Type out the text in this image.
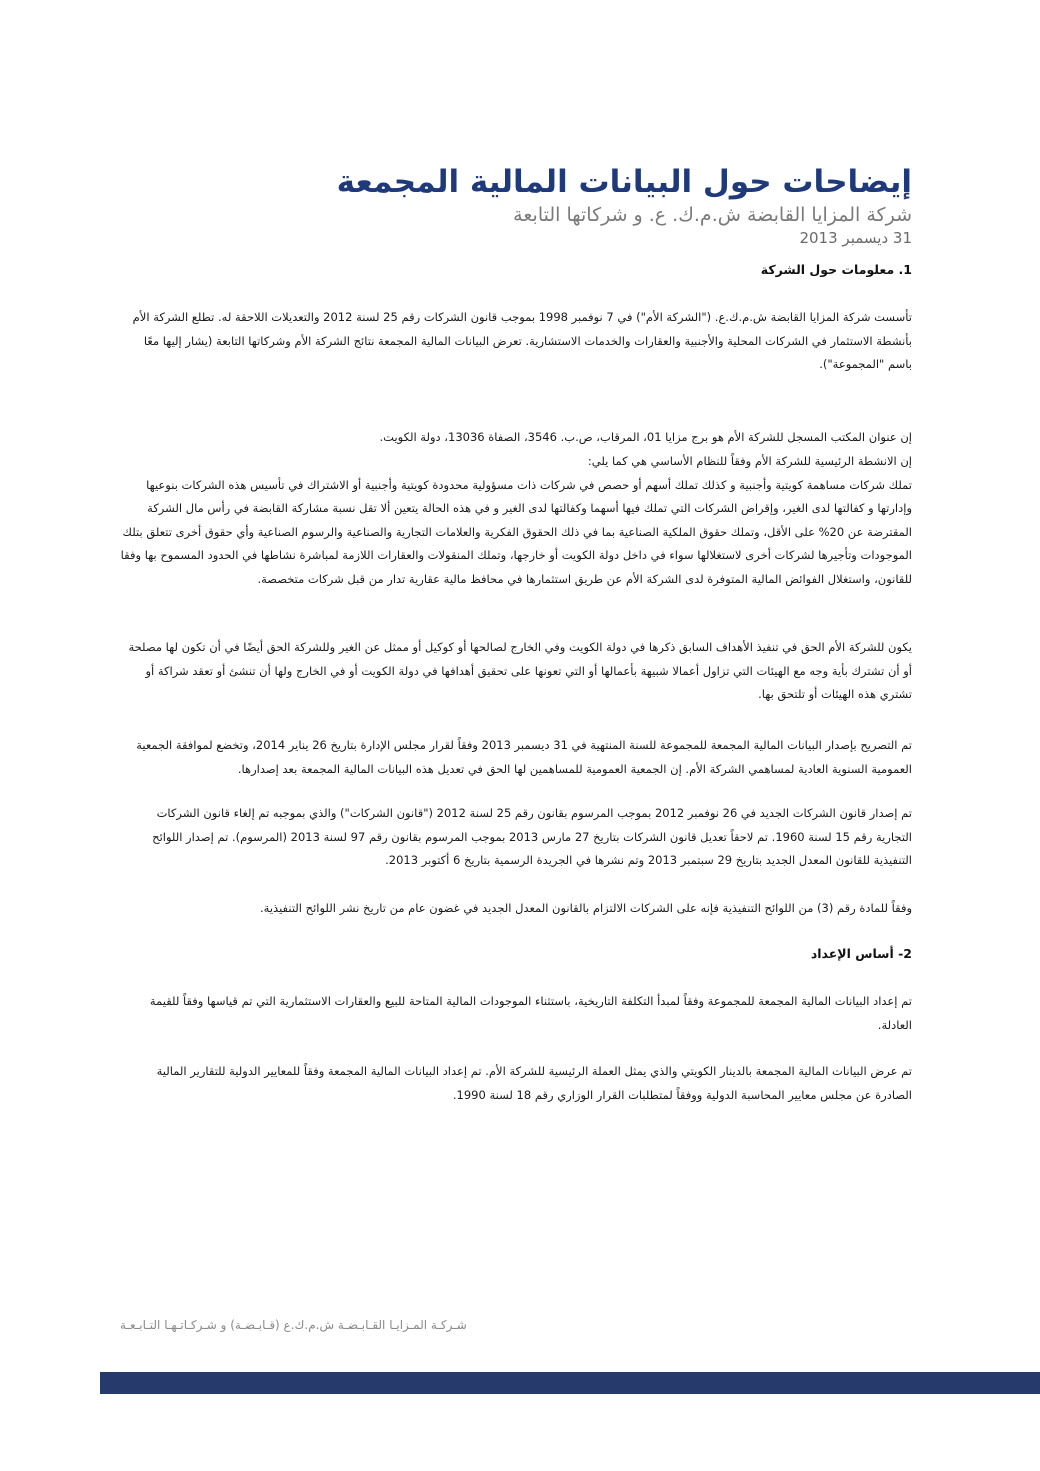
إيضاحات حول البيانات المالية المجمعة

شركة المزايا القابضة ش.م.ك. ع. و شركاتها التابعة

31 ديسمبر 2013

1. معلومات حول الشركة

تأسست شركة المزايا القابضة ش.م.ك.ع. ("الشركة الأم") في 7 نوفمبر 1998 بموجب قانون الشركات رقم 25 لسنة 2012 والتعديلات اللاحقة له. تطلع الشركة الأم بأنشطة الاستثمار في الشركات المحلية والأجنبية والعقارات والخدمات الاستشارية. تعرض البيانات المالية المجمعة نتائج الشركة الأم وشركاتها التابعة (يشار إليها معًا باسم "المجموعة").

إن عنوان المكتب المسجل للشركة الأم هو برج مزايا 01، المرقاب، ص.ب. 3546، الصفاة 13036، دولة الكويت.

إن الانشطة الرئيسية للشركة الأم وفقاً للنظام الأساسي هي كما يلي:

تملك شركات مساهمة كويتية وأجنبية و كذلك تملك أسهم أو حصص في شركات ذات مسؤولية محدودة كويتية وأجنبية أو الاشتراك في تأسيس هذه الشركات بنوعيها وإدارتها و كفالتها لدى الغير، وإقراض الشركات التي تملك فيها أسهما وكفالتها لدى الغير و في هذه الحالة يتعين ألا تقل نسبة مشاركة القابضة في رأس مال الشركة المقترضة عن 20% على الأقل، وتملك حقوق الملكية الصناعية بما في ذلك الحقوق الفكرية والعلامات التجارية والصناعية والرسوم الصناعية وأي حقوق أخرى تتعلق بتلك الموجودات وتأجيرها لشركات أخرى لاستغلالها سواء في داخل دولة الكويت أو خارجها، وتملك المنقولات والعقارات اللازمة لمباشرة نشاطها في الحدود المسموح بها وفقا للقانون، واستغلال الفوائض المالية المتوفرة لدى الشركة الأم عن طريق استثمارها في محافظ مالية عقارية تدار من قبل شركات متخصصة.

يكون للشركة الأم الحق في تنفيذ الأهداف السابق ذكرها في دولة الكويت وفي الخارج لصالحها أو كوكيل أو ممثل عن الغير وللشركة الحق أيضًا في أن تكون لها مصلحة أو أن تشترك بأية وجه مع الهيئات التي تزاول أعمالا شبيهة بأعمالها أو التي تعونها على تحقيق أهدافها في دولة الكويت أو في الخارج ولها أن تنشئ أو تعقد شراكة أو تشتري هذه الهيئات أو تلتحق بها.

تم التصريح بإصدار البيانات المالية المجمعة للمجموعة للسنة المنتهية في 31 ديسمبر 2013 وفقاً لقرار مجلس الإدارة بتاريخ 26 يناير 2014، وتخضع لموافقة الجمعية العمومية السنوية العادية لمساهمي الشركة الأم. إن الجمعية العمومية للمساهمين لها الحق في تعديل هذه البيانات المالية المجمعة بعد إصدارها.

تم إصدار قانون الشركات الجديد في 26 نوفمبر 2012 بموجب المرسوم بقانون رقم 25 لسنة 2012 ("قانون الشركات") والذي بموجبه تم إلغاء قانون الشركات التجارية رقم 15 لسنة 1960. تم لاحقاً تعديل قانون الشركات بتاريخ 27 مارس 2013 بموجب المرسوم بقانون رقم 97 لسنة 2013 (المرسوم). تم إصدار اللوائح التنفيذية للقانون المعدل الجديد بتاريخ 29 سبتمبر 2013 وتم نشرها في الجريدة الرسمية بتاريخ 6 أكتوبر 2013.

وفقاً للمادة رقم (3) من اللوائح التنفيذية فإنه على الشركات الالتزام بالقانون المعدل الجديد في غضون عام من تاريخ نشر اللوائح التنفيذية.

2- أساس الإعداد

تم إعداد البيانات المالية المجمعة للمجموعة وفقاً لمبدأ التكلفة التاريخية، باستثناء الموجودات المالية المتاحة للبيع والعقارات الاستثمارية التي تم قياسها وفقاً للقيمة العادلة.

تم عرض البيانات المالية المجمعة بالدينار الكويتي والذي يمثل العملة الرئيسية للشركة الأم. تم إعداد البيانات المالية المجمعة وفقاً للمعايير الدولية للتقارير المالية الصادرة عن مجلس معايير المحاسبة الدولية ووفقاً لمتطلبات القرار الوزاري رقم 18 لسنة 1990.

شـركـة المـزايـا القـابـضـة ش.م.ك.ع (قـابـضـة) و شـركـاتـهـا التـابـعـة
